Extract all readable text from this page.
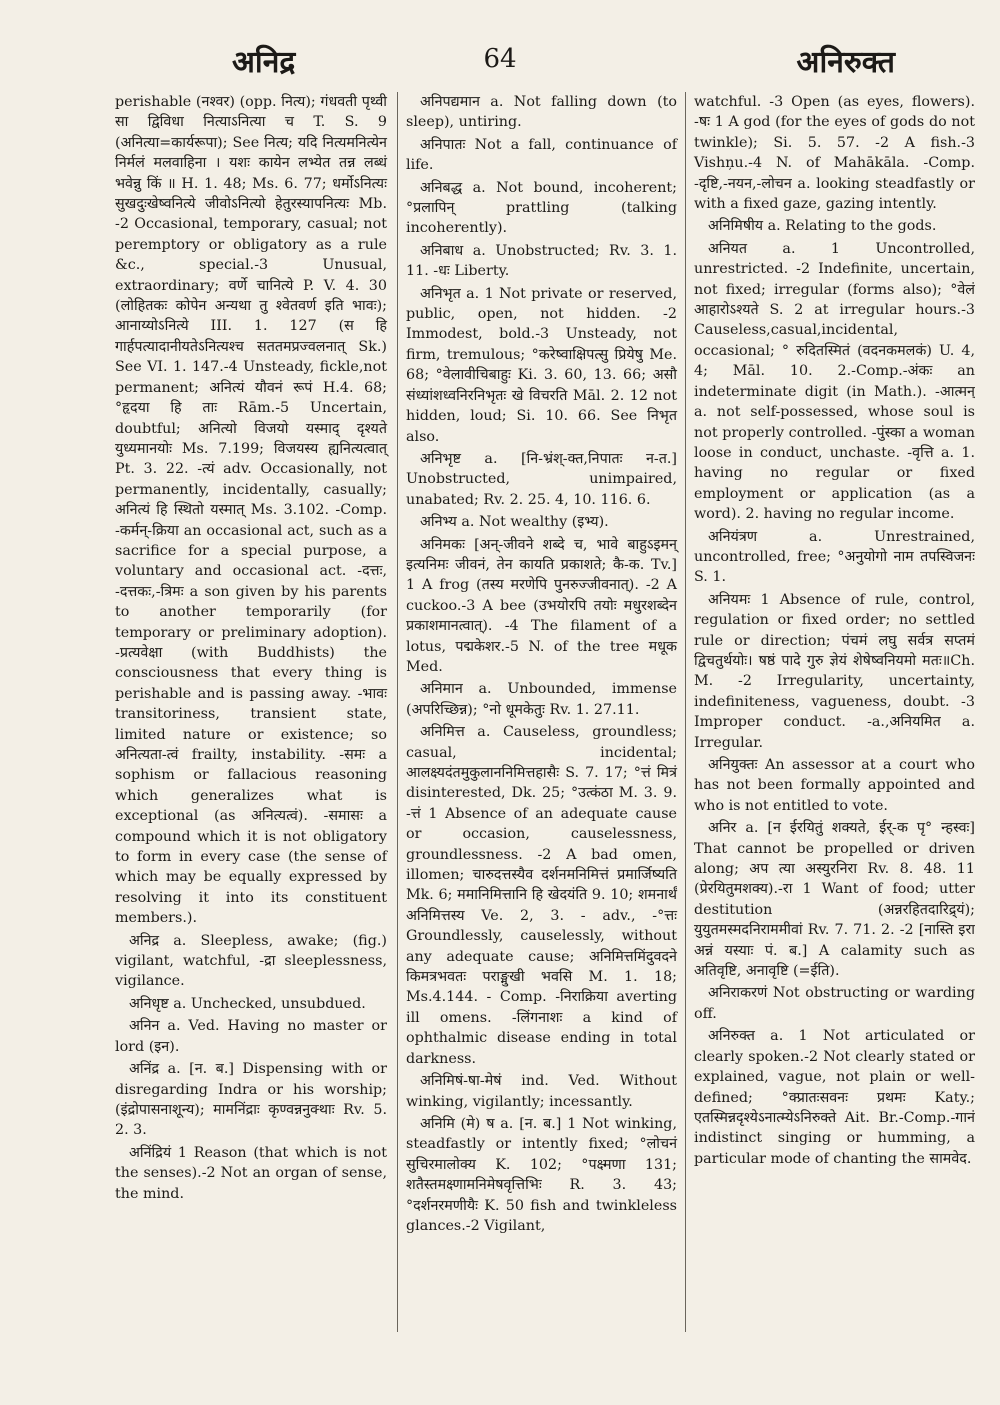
अनिद्र	64	अनिरुक्त

perishable (नश्वर) (opp. नित्य); गंधवती पृथ्वी सा द्विविधा नित्याऽनित्या च T. S. 9 (अनित्या=कार्यरूपा); See नित्य; यदि नित्यमनित्येन निर्मलं मलवाहिना । यशः कायेन लभ्येत तन्न लब्धं भवेन्नु किं ॥ H. 1. 48; Ms. 6. 77; धर्मोऽनित्यः सुखदुःखेष्वनित्ये जीवोऽनित्यो हेतुरस्यापनित्यः Mb. -2 Occasional, temporary, casual; not peremptory or obligatory as a rule &c., special.-3 Unusual, extraordinary; वर्णे चानित्ये P. V. 4. 30 (लोहितकः कोपेन अन्यथा तु श्वेतवर्ण इति भावः); आनाय्योऽनित्ये III. 1. 127 (स हि गार्हपत्यादानीयतेऽनित्यश्च सततमप्रज्वलनात् Sk.) See VI. 1. 147.-4 Unsteady, fickle,not permanent; अनित्यं यौवनं रूपं H.4. 68; °हृदया हि ताः Rām.-5 Uncertain, doubtful; अनित्यो विजयो यस्माद् दृश्यते युध्यमानयोः Ms. 7.199; विजयस्य ह्यनित्यत्वात् Pt. 3. 22. -त्यं adv. Occasionally, not permanently, incidentally, casually; अनित्यं हि स्थितो यस्मात् Ms. 3.102. -Comp. -कर्मन्-क्रिया an occasional act, such as a sacrifice for a special purpose, a voluntary and occasional act. -दत्तः, -दत्तकः,-त्रिमः a son given by his parents to another temporarily (for temporary or preliminary adoption). -प्रत्यवेक्षा (with Buddhists) the consciousness that every thing is perishable and is passing away. -भावः transitoriness, transient state, limited nature or existence; so अनित्यता-त्वं frailty, instability. -समः a sophism or fallacious reasoning which generalizes what is exceptional (as अनित्यत्वं). -समासः a compound which it is not obligatory to form in every case (the sense of which may be equally expressed by resolving it into its constituent members.).

अनिद्र a. Sleepless, awake; (fig.) vigilant, watchful, -द्रा sleeplessness, vigilance.

अनिधृष्ट a. Unchecked, unsubdued.

अनिन a. Ved. Having no master or lord (इन).

अनिंद्र a. [न. ब.] Dispensing with or disregarding Indra or his worship; (इंद्रोपासनाशून्य); मामनिंद्राः कृण्वन्ननुक्थाः Rv. 5. 2. 3.

अनिंद्रियं 1 Reason (that which is not the senses).-2 Not an organ of sense, the mind.

अनिपद्यमान a. Not falling down (to sleep), untiring.

अनिपातः Not a fall, continuance of life.

अनिबद्ध a. Not bound, incoherent; °प्रलापिन् prattling (talking incoherently).

अनिबाध a. Unobstructed; Rv. 3. 1. 11. -धः Liberty.

अनिभृत a. 1 Not private or reserved, public, open, not hidden. -2 Immodest, bold.-3 Unsteady, not firm, tremulous; °करेष्वाक्षिपत्सु प्रियेषु Me. 68; °वेलावीचिबाहुः Ki. 3. 60, 13. 66; असौ संध्यांशध्वनिरनिभृतः खे विचरति Māl. 2. 12 not hidden, loud; Si. 10. 66. See निभृत also.

अनिभृष्ट a. [नि-भ्रंश्-क्त,निपातः न-त.] Unobstructed, unimpaired, unabated; Rv. 2. 25. 4, 10. 116. 6.

अनिभ्य a. Not wealthy (इभ्य).

अनिमकः [अन्-जीवने शब्दे च, भावे बाहुऽइमन् इत्यनिमः जीवनं, तेन कायति प्रकाशते; कै-क. Tv.] 1 A frog (तस्य मरणेपि पुनरुज्जीवनात्). -2 A cuckoo.-3 A bee (उभयोरपि तयोः मधुरशब्देन प्रकाशमानत्वात्). -4 The filament of a lotus, पद्मकेशर.-5 N. of the tree मधूक Med.

अनिमान a. Unbounded, immense (अपरिच्छिन्न); °नो धूमकेतुः Rv. 1. 27.11.

अनिमित्त a. Causeless, groundless; casual, incidental; आलक्ष्यदंतमुकुलाननिमित्तहासैः S. 7. 17; °त्तं मित्रं disinterested, Dk. 25; °उत्कंठा M. 3. 9. -त्तं 1 Absence of an adequate cause or occasion, causelessness, groundlessness. -2 A bad omen, illomen; चारुदत्तस्यैव दर्शनमनिमित्तं प्रमार्जिष्यति Mk. 6; ममानिमित्तानि हि खेदयंति 9. 10; शमनार्थं अनिमित्तस्य Ve. 2, 3. - adv., -°त्तः Groundlessly, causelessly, without any adequate cause; अनिमित्तमिंदुवदने किमत्रभवतः पराङ्मुखी भवसि M. 1. 18; Ms.4.144. - Comp. -निराक्रिया averting ill omens. -लिंगनाशः a kind of ophthalmic disease ending in total darkness.

अनिमिषं-षा-मेषं ind. Ved. Without winking, vigilantly; incessantly.

अनिमि (मे) ष a. [न. ब.] 1 Not winking, steadfastly or intently fixed; °लोचनं सुचिरमालोक्य K. 102; °पक्ष्मणा 131; शतैस्तमक्ष्णामनिमेषवृत्तिभिः R. 3. 43; °दर्शनरमणीयैः K. 50 fish and twinkleless glances.-2 Vigilant,

watchful. -3 Open (as eyes, flowers). -षः 1 A god (for the eyes of gods do not twinkle); Si. 5. 57. -2 A fish.-3 Vishņu.-4 N. of Mahākāla. -Comp. -दृष्टि,-नयन,-लोचन a. looking steadfastly or with a fixed gaze, gazing intently.

अनिमिषीय a. Relating to the gods.

अनियत a. 1 Uncontrolled, unrestricted. -2 Indefinite, uncertain, not fixed; irregular (forms also); °वेलं आहारोऽश्यते S. 2 at irregular hours.-3 Causeless,casual,incidental, occasional; ° रुदितस्मितं (वदनकमलकं) U. 4, 4; Māl. 10. 2.-Comp.-अंकः an indeterminate digit (in Math.). -आत्मन् a. not self-possessed, whose soul is not properly controlled. -पुंस्का a woman loose in conduct, unchaste. -वृत्ति a. 1. having no regular or fixed employment or application (as a word). 2. having no regular income.

अनियंत्रण a. Unrestrained, uncontrolled, free; °अनुयोगो नाम तपस्विजनः S. 1.

अनियमः 1 Absence of rule, control, regulation or fixed order; no settled rule or direction; पंचमं लघु सर्वत्र सप्तमं द्विचतुर्थयोः। षष्ठं पादे गुरु ज्ञेयं शेषेष्वनियमो मतः॥Ch. M. -2 Irregularity, uncertainty, indefiniteness, vagueness, doubt. -3 Improper conduct. -a.,अनियमित a. Irregular.

अनियुक्तः An assessor at a court who has not been formally appointed and who is not entitled to vote.

अनिर a. [न ईरयितुं शक्यते, ईर्-क पृ° न्हस्वः] That cannot be propelled or driven along; अप त्या अस्युरनिरा Rv. 8. 48. 11 (प्रेरयितुमशक्य).-रा 1 Want of food; utter destitution (अन्नरहितदारिद्र्यं); युयुतमस्मदनिराममीवां Rv. 7. 71. 2. -2 [नास्ति इरा अन्नं यस्याः पं. ब.] A calamity such as अतिवृष्टि, अनावृष्टि (=ईति).

अनिराकरणं Not obstructing or warding off.

अनिरुक्त a. 1 Not articulated or clearly spoken.-2 Not clearly stated or explained, vague, not plain or well-defined; °क्प्रातःसवनः प्रथमः Katy.; एतस्मिन्नदृश्येऽनात्म्येऽनिरुक्ते Ait. Br.-Comp.-गानं indistinct singing or humming, a particular mode of chanting the सामवेद.
